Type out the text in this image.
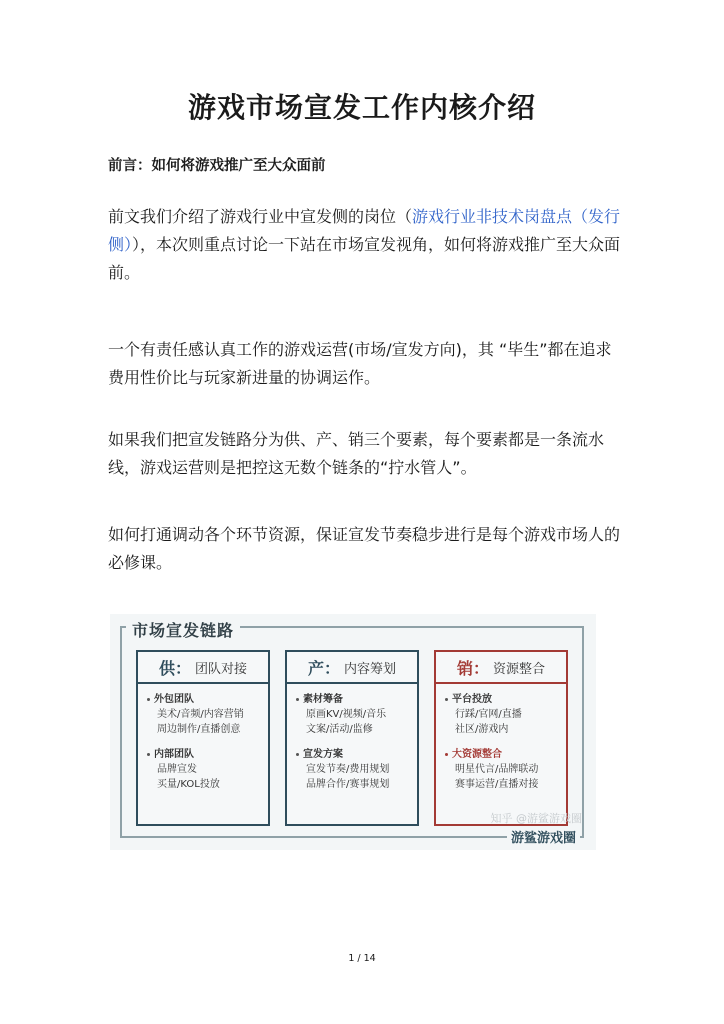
游戏市场宣发工作内核介绍
前言：如何将游戏推广至大众面前
前文我们介绍了游戏行业中宣发侧的岗位（游戏行业非技术岗盘点（发行侧）），本次则重点讨论一下站在市场宣发视角，如何将游戏推广至大众面前。
一个有责任感认真工作的游戏运营(市场/宣发方向)，其 “毕生”都在追求费用性价比与玩家新进量的协调运作。
如果我们把宣发链路分为供、产、销三个要素，每个要素都是一条流水线，游戏运营则是把控这无数个链条的“拧水管人”。
如何打通调动各个环节资源，保证宣发节奏稳步进行是每个游戏市场人的必修课。
市场宣发链路
供： 团队对接
外包团队
美术/音频/内容营销
周边制作/直播创意
内部团队
品牌宣发
买量/KOL投放
产： 内容筹划
素材筹备
原画KV/视频/音乐
文案/活动/监修
宣发方案
宣发节奏/费用规划
品牌合作/赛事规划
销： 资源整合
平台投放
行踩/官网/直播
社区/游戏内
大资源整合
明星代言/品牌联动
赛事运营/直播对接
知乎 @游鲨游戏圈
游鲨游戏圈
1 / 14
